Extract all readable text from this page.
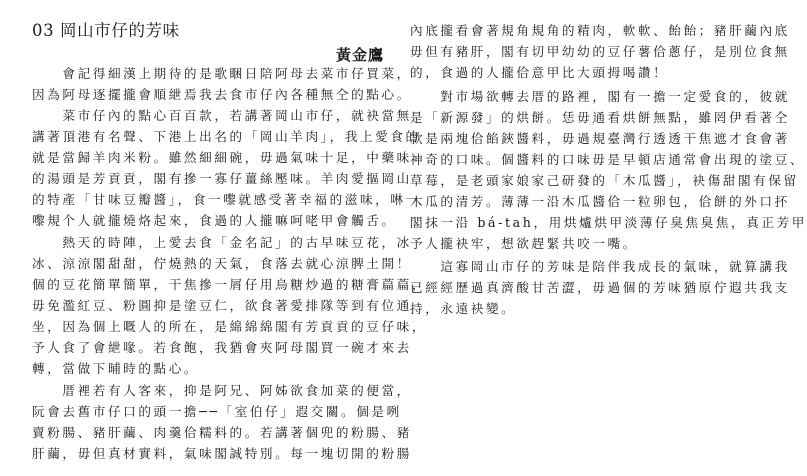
03 岡山市仔的芳味
黃金鷹
　　會記得細漢上期待的是歌睏日陪阿母去菜市仔買菜，
因為阿母逐擺攏會順紲焉我去食市仔內各種無仝的點心。
　　菜市仔內的點心百百款，若講著岡山市仔，就袂當無
講著頂港有名聲、下港上出名的「岡山羊肉」，我上愛食的
就是當歸羊肉米粉。雖然細細碗，毋過氣味十足，中藥味
的湯頭是芳貢貢，閣有摻一寡仔薑絲壓味。羊肉愛摳岡山
的特產「甘味豆瓣醬」，食一嚟就感受著幸福的滋味，啉一
嚟規个人就攏燒烙起來，食過的人攏嘛呵咾甲會觸舌。
　　熱天的時陣，上愛去食「金名記」的古早味豆花，冰
冰、涼涼閣甜甜，佇燒熱的天氣，食落去就心涼脾土開！
個的豆花簡單簡單，干焦摻一屑仔用烏糖炒過的糖膏萹萹，
毋免濫紅豆、粉圓抑是塗豆仁，欲食著愛排隊等到有位通
坐，因為個上嘅人的所在，是綿綿綿閣有芳貢貢的豆仔味，
予人食了會紲喙。若食飽，我猶會夾阿母閣買一碗才來去
轉，當做下晡時的點心。
　　厝裡若有人客來，抑是阿兄、阿姊欲食加菜的便當，
阮會去舊市仔口的頭一擔──「室伯仔」遐交關。個是咧
賣粉腸、豬肝繭、肉羹佮糯料的。若講著個兜的粉腸、豬
肝繭，毋但真材實料，氣味閣誠特別。每一塊切開的粉腸
內底攏看會著規角規角的精肉，軟軟、飴飴；豬肝繭內底
毋但有豬肝，閣有切甲幼幼的豆仔薯佮蔥仔，是別位食無
的，食過的人攏佮意甲比大頭拇喝讚！
　　對市場欲轉去厝的路裡，閣有一擔一定愛食的，彼就
是「新源發」的烘餅。恁毋通看烘餅無點，雖罔伊看著仝
款是兩塊佮餡鋏醬料，毋過規臺灣行透透干焦遮才食會著
神奇的口味。個醬料的口味毋是早頓店通常會出現的塗豆、
草莓，是老頭家娘家己研發的「木瓜醬」，袂傷甜閣有保留
木瓜的清芳。薄薄一沿木瓜醬佮一粒卵包，佮餅的外口抔
閣抹一沿 bá-tah，用烘爐烘甲淡薄仔臭焦臭焦，真正芳甲
予人攏袂牢，想欲趕緊共咬一嘴。
　　這寡岡山市仔的芳味是陪伴我成長的氣味，就算講我
已經經歷過真濟酸甘苦澀，毋過個的芳味猶原佇遐共我支
持，永遠袂變。
